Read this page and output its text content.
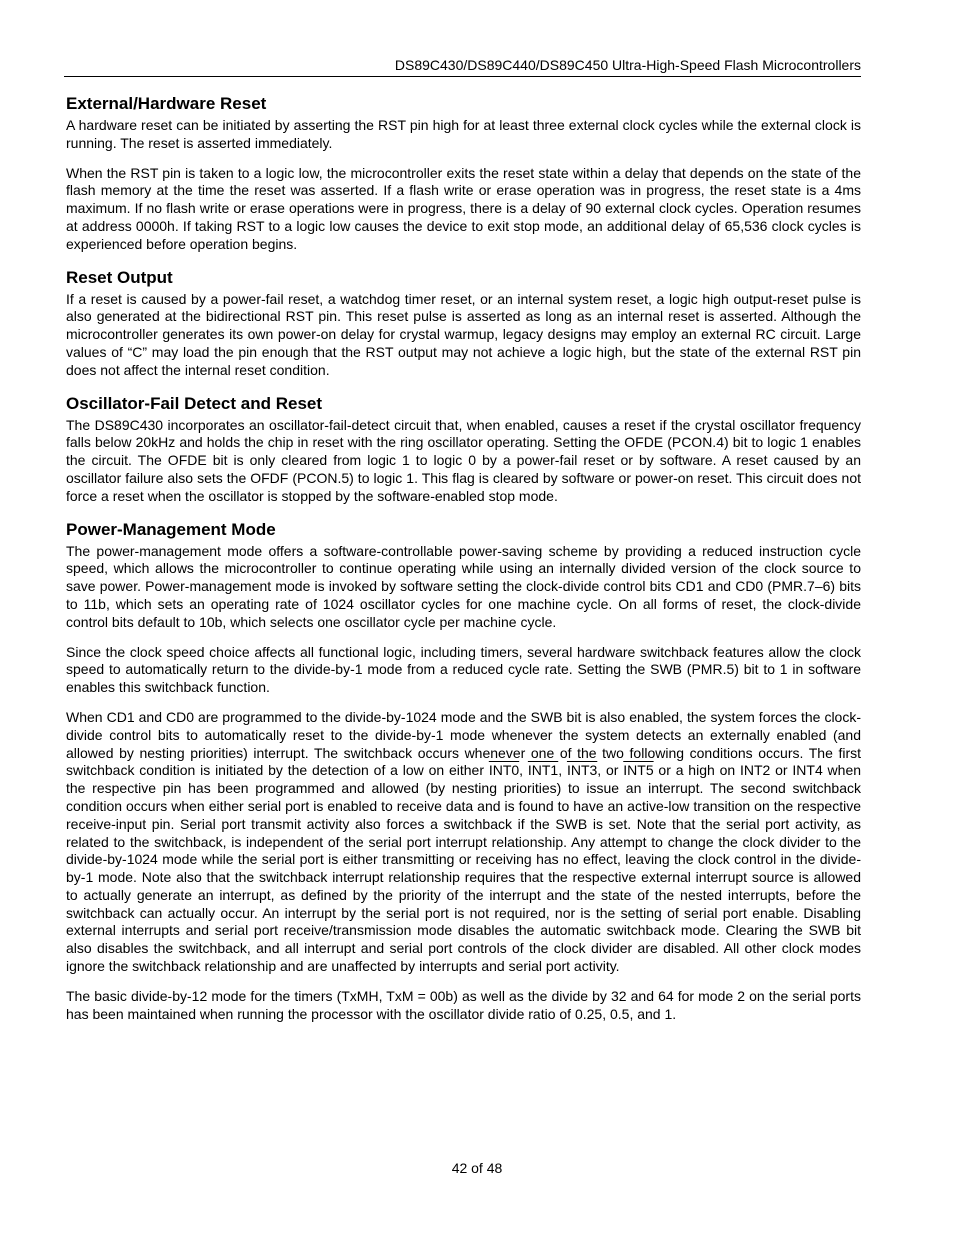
DS89C430/DS89C440/DS89C450 Ultra-High-Speed Flash Microcontrollers
External/Hardware Reset

A hardware reset can be initiated by asserting the RST pin high for at least three external clock cycles while the external clock is running. The reset is asserted immediately.

When the RST pin is taken to a logic low, the microcontroller exits the reset state within a delay that depends on the state of the flash memory at the time the reset was asserted. If a flash write or erase operation was in progress, the reset state is a 4ms maximum. If no flash write or erase operations were in progress, there is a delay of 90 external clock cycles. Operation resumes at address 0000h. If taking RST to a logic low causes the device to exit stop mode, an additional delay of 65,536 clock cycles is experienced before operation begins.

Reset Output

If a reset is caused by a power-fail reset, a watchdog timer reset, or an internal system reset, a logic high output-reset pulse is also generated at the bidirectional RST pin. This reset pulse is asserted as long as an internal reset is asserted. Although the microcontroller generates its own power-on delay for crystal warmup, legacy designs may employ an external RC circuit. Large values of “C” may load the pin enough that the RST output may not achieve a logic high, but the state of the external RST pin does not affect the internal reset condition.

Oscillator-Fail Detect and Reset

The DS89C430 incorporates an oscillator-fail-detect circuit that, when enabled, causes a reset if the crystal oscillator frequency falls below 20kHz and holds the chip in reset with the ring oscillator operating. Setting the OFDE (PCON.4) bit to logic 1 enables the circuit. The OFDE bit is only cleared from logic 1 to logic 0 by a power-fail reset or by software. A reset caused by an oscillator failure also sets the OFDF (PCON.5) to logic 1. This flag is cleared by software or power-on reset. This circuit does not force a reset when the oscillator is stopped by the software-enabled stop mode.

Power-Management Mode

The power-management mode offers a software-controllable power-saving scheme by providing a reduced instruction cycle speed, which allows the microcontroller to continue operating while using an internally divided version of the clock source to save power. Power-management mode is invoked by software setting the clock-divide control bits CD1 and CD0 (PMR.7–6) bits to 11b, which sets an operating rate of 1024 oscillator cycles for one machine cycle. On all forms of reset, the clock-divide control bits default to 10b, which selects one oscillator cycle per machine cycle.

Since the clock speed choice affects all functional logic, including timers, several hardware switchback features allow the clock speed to automatically return to the divide-by-1 mode from a reduced cycle rate. Setting the SWB (PMR.5) bit to 1 in software enables this switchback function.

When CD1 and CD0 are programmed to the divide-by-1024 mode and the SWB bit is also enabled, the system forces the clock-divide control bits to automatically reset to the divide-by-1 mode whenever the system detects an externally enabled (and allowed by nesting priorities) interrupt. The switchback occurs whenever one of the two following conditions occurs. The first switchback condition is initiated by the detection of a low on either INT0, INT1, INT3, or INT5 or a high on INT2 or INT4 when the respective pin has been programmed and allowed (by nesting priorities) to issue an interrupt. The second switchback condition occurs when either serial port is enabled to receive data and is found to have an active-low transition on the respective receive-input pin. Serial port transmit activity also forces a switchback if the SWB is set. Note that the serial port activity, as related to the switchback, is independent of the serial port interrupt relationship. Any attempt to change the clock divider to the divide-by-1024 mode while the serial port is either transmitting or receiving has no effect, leaving the clock control in the divide-by-1 mode. Note also that the switchback interrupt relationship requires that the respective external interrupt source is allowed to actually generate an interrupt, as defined by the priority of the interrupt and the state of the nested interrupts, before the switchback can actually occur. An interrupt by the serial port is not required, nor is the setting of serial port enable. Disabling external interrupts and serial port receive/transmission mode disables the automatic switchback mode. Clearing the SWB bit also disables the switchback, and all interrupt and serial port controls of the clock divider are disabled. All other clock modes ignore the switchback relationship and are unaffected by interrupts and serial port activity.

The basic divide-by-12 mode for the timers (TxMH, TxM = 00b) as well as the divide by 32 and 64 for mode 2 on the serial ports has been maintained when running the processor with the oscillator divide ratio of 0.25, 0.5, and 1.

42 of 48
